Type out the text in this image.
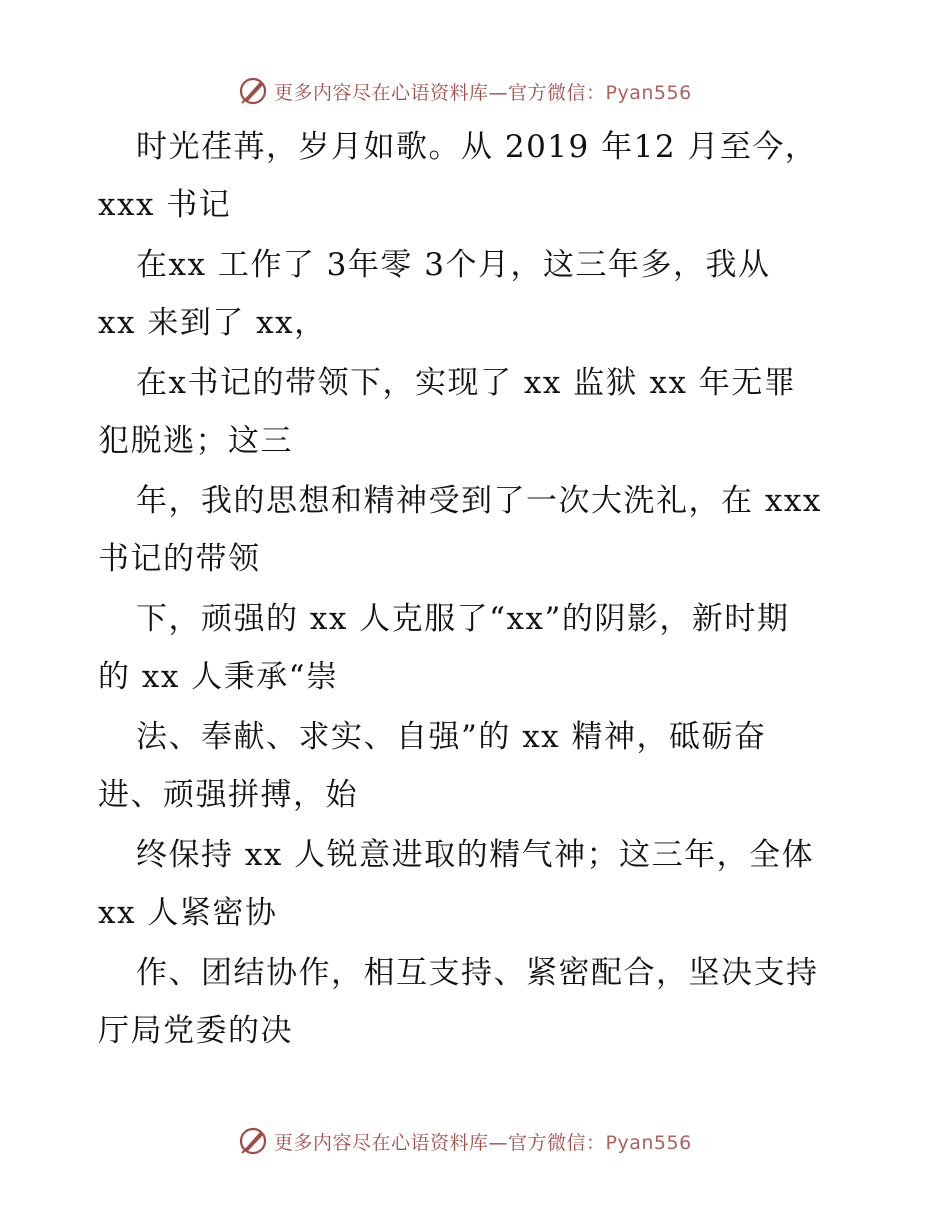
更多内容尽在心语资料库—官方微信：Pyan556
时光荏苒，岁月如歌。从 2019 年12 月至今，
xxx 书记
在xx 工作了 3年零 3个月，这三年多，我从
xx 来到了 xx，
在x书记的带领下，实现了 xx 监狱 xx 年无罪
犯脱逃；这三
年，我的思想和精神受到了一次大洗礼，在 xxx
书记的带领
下，顽强的 xx 人克服了“xx”的阴影，新时期
的 xx 人秉承“崇
法、奉献、求实、自强”的 xx 精神，砥砺奋
进、顽强拼搏，始
终保持 xx 人锐意进取的精气神；这三年，全体
xx 人紧密协
作、团结协作，相互支持、紧密配合，坚决支持
厅局党委的决
更多内容尽在心语资料库—官方微信：Pyan556
